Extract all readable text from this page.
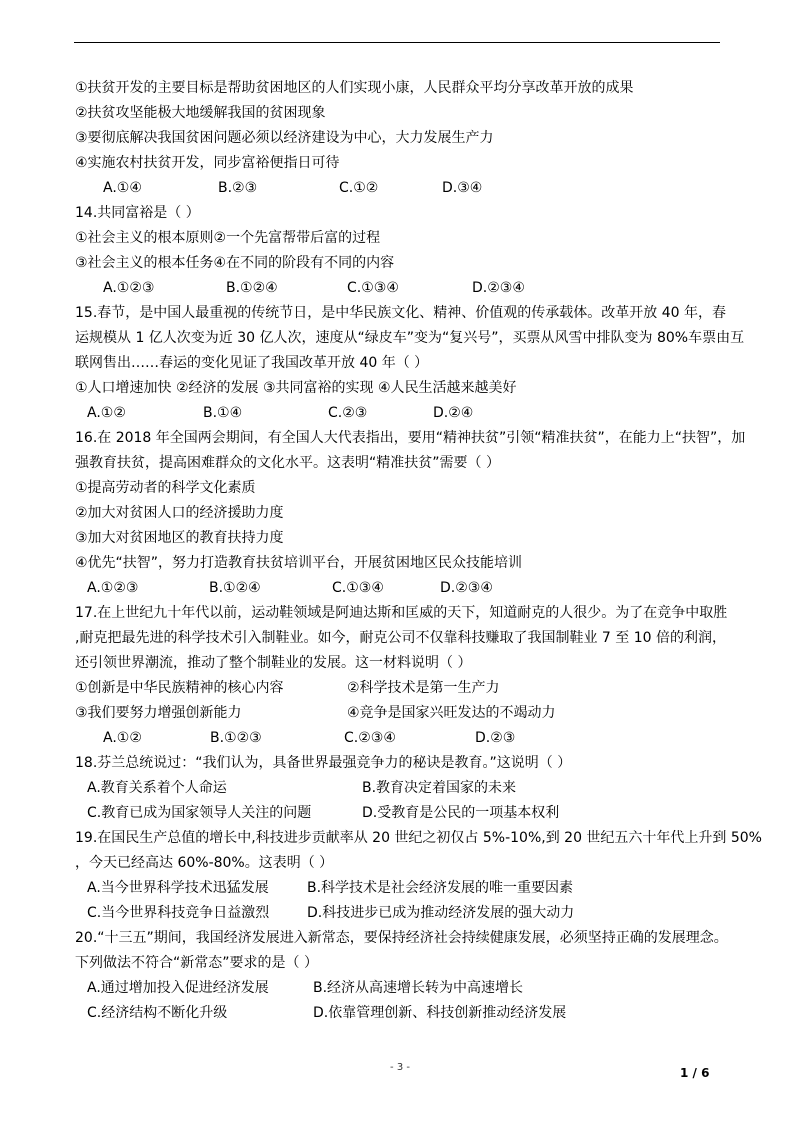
①扶贫开发的主要目标是帮助贫困地区的人们实现小康，人民群众平均分享改革开放的成果
②扶贫攻坚能极大地缓解我国的贫困现象
③要彻底解决我国贫困问题必须以经济建设为中心，大力发展生产力
④实施农村扶贫开发，同步富裕便指日可待
A.①④	B.②③	C.①②	D.③④
14.共同富裕是（ ）
①社会主义的根本原则②一个先富帮带后富的过程
③社会主义的根本任务④在不同的阶段有不同的内容
A.①②③	B.①②④	C.①③④	D.②③④
15.春节，是中国人最重视的传统节日，是中华民族文化、精神、价值观的传承载体。改革开放 40 年，春
运规模从 1 亿人次变为近 30 亿人次，速度从“绿皮车”变为“复兴号”，买票从风雪中排队变为 80%车票由互
联网售出……春运的变化见证了我国改革开放 40 年（ ）
①人口增速加快 ②经济的发展 ③共同富裕的实现 ④人民生活越来越美好
A.①②	B.①④	C.②③	D.②④
16.在 2018 年全国两会期间，有全国人大代表指出，要用“精神扶贫”引领“精准扶贫”，在能力上“扶智”，加
强教育扶贫，提高困难群众的文化水平。这表明“精准扶贫”需要（ ）
①提高劳动者的科学文化素质
②加大对贫困人口的经济援助力度
③加大对贫困地区的教育扶持力度
④优先“扶智”，努力打造教育扶贫培训平台，开展贫困地区民众技能培训
A.①②③	B.①②④	C.①③④	D.②③④
17.在上世纪九十年代以前，运动鞋领域是阿迪达斯和匡威的天下，知道耐克的人很少。为了在竞争中取胜
,耐克把最先进的科学技术引入制鞋业。如今，耐克公司不仅靠科技赚取了我国制鞋业 7 至 10 倍的利润，
还引领世界潮流，推动了整个制鞋业的发展。这一材料说明（ ）
①创新是中华民族精神的核心内容	②科学技术是第一生产力
③我们要努力增强创新能力	④竞争是国家兴旺发达的不竭动力
A.①②	B.①②③	C.②③④	D.②③
18.芬兰总统说过：“我们认为，具备世界最强竞争力的秘诀是教育。”这说明（ ）
A.教育关系着个人命运	B.教育决定着国家的未来
C.教育已成为国家领导人关注的问题	D.受教育是公民的一项基本权利
19.在国民生产总值的增长中,科技进步贡献率从 20 世纪之初仅占 5%-10%,到 20 世纪五六十年代上升到 50%
，今天已经高达 60%-80%。这表明（ ）
A.当今世界科学技术迅猛发展	B.科学技术是社会经济发展的唯一重要因素
C.当今世界科技竞争日益激烈	D.科技进步已成为推动经济发展的强大动力
20.“十三五”期间，我国经济发展进入新常态，要保持经济社会持续健康发展，必须坚持正确的发展理念。
下列做法不符合“新常态”要求的是（ ）
A.通过增加投入促进经济发展	B.经济从高速增长转为中高速增长
C.经济结构不断化升级	D.依靠管理创新、科技创新推动经济发展
- 3 -	1 / 6
